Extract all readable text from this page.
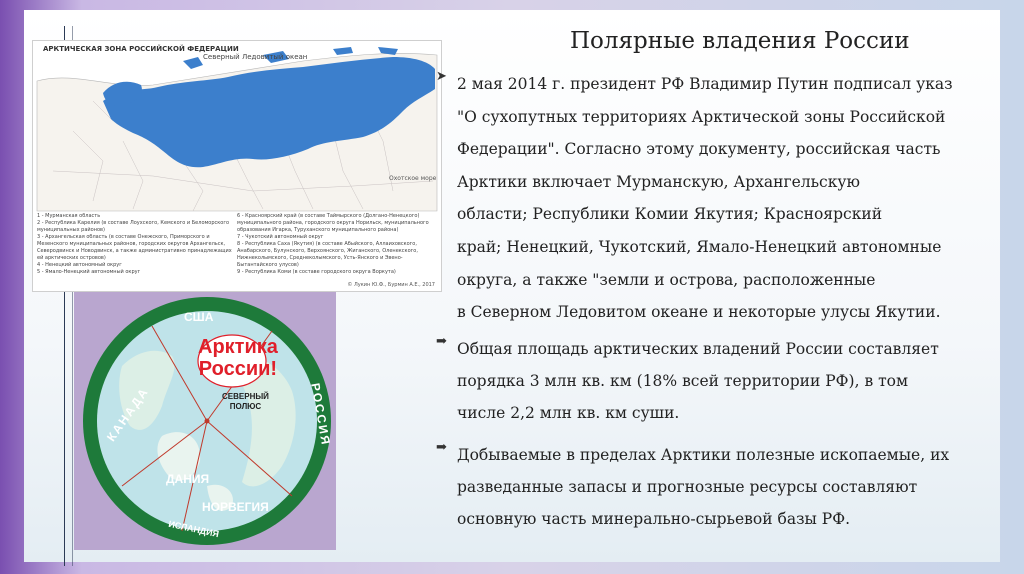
Полярные владения России
АРКТИЧЕСКАЯ ЗОНА РОССИЙСКОЙ ФЕДЕРАЦИИ
Северный Ледовитый океан
Охотское море
1 - Мурманская область
2 - Республика Карелия (в составе Лоухского, Кемского и Беломорского муниципальных районов)
3 - Архангельская область (в составе Онежского, Приморского и Мезенского муниципальных районов, городских округов Архангельск, Северодвинск и Новодвинск, а также административно принадлежащих ей арктических островов)
4 - Ненецкий автономный округ
5 - Ямало-Ненецкий автономный округ
6 - Красноярский край (в составе Таймырского (Долгано-Ненецкого) муниципального района, городского округа Норильск, муниципального образования Игарка, Туруханского муниципального района)
7 - Чукотский автономный округ
8 - Республика Саха (Якутия) (в составе Абыйского, Аллаиховского, Анабарского, Булунского, Верхоянского, Жиганского, Оленекского, Нижнеколымского, Среднеколымского, Усть-Янского и Эвено-Бытантайского улусов)
9 - Республика Коми (в составе городского округа Воркута)
© Лукин Ю.Ф., Бурмин А.Е., 2017
Арктика
России!
СЕВЕРНЫЙ
ПОЛЮС
США
КАНАДА
ДАНИЯ
НОРВЕГИЯ
ИСЛАНДИЯ
РОССИЯ
➤ 2 мая 2014 г. президент РФ Владимир Путин подписал указ
"О сухопутных территориях Арктической зоны Российской
Федерации". Согласно этому документу, российская часть
Арктики включает Мурманскую, Архангельскую
области; Республики Комии Якутия; Красноярский
край; Ненецкий, Чукотский, Ямало-Ненецкий автономные
округа, а также "земли и острова, расположенные
в Северном Ледовитом океане и некоторые улусы Якутии.
➡ Общая площадь арктических владений России составляет
порядка 3 млн кв. км (18% всей территории РФ), в том
числе 2,2 млн кв. км суши.
➡ Добываемые в пределах Арктики полезные ископаемые, их
разведанные запасы и прогнозные ресурсы составляют
основную часть минерально-сырьевой базы РФ.
